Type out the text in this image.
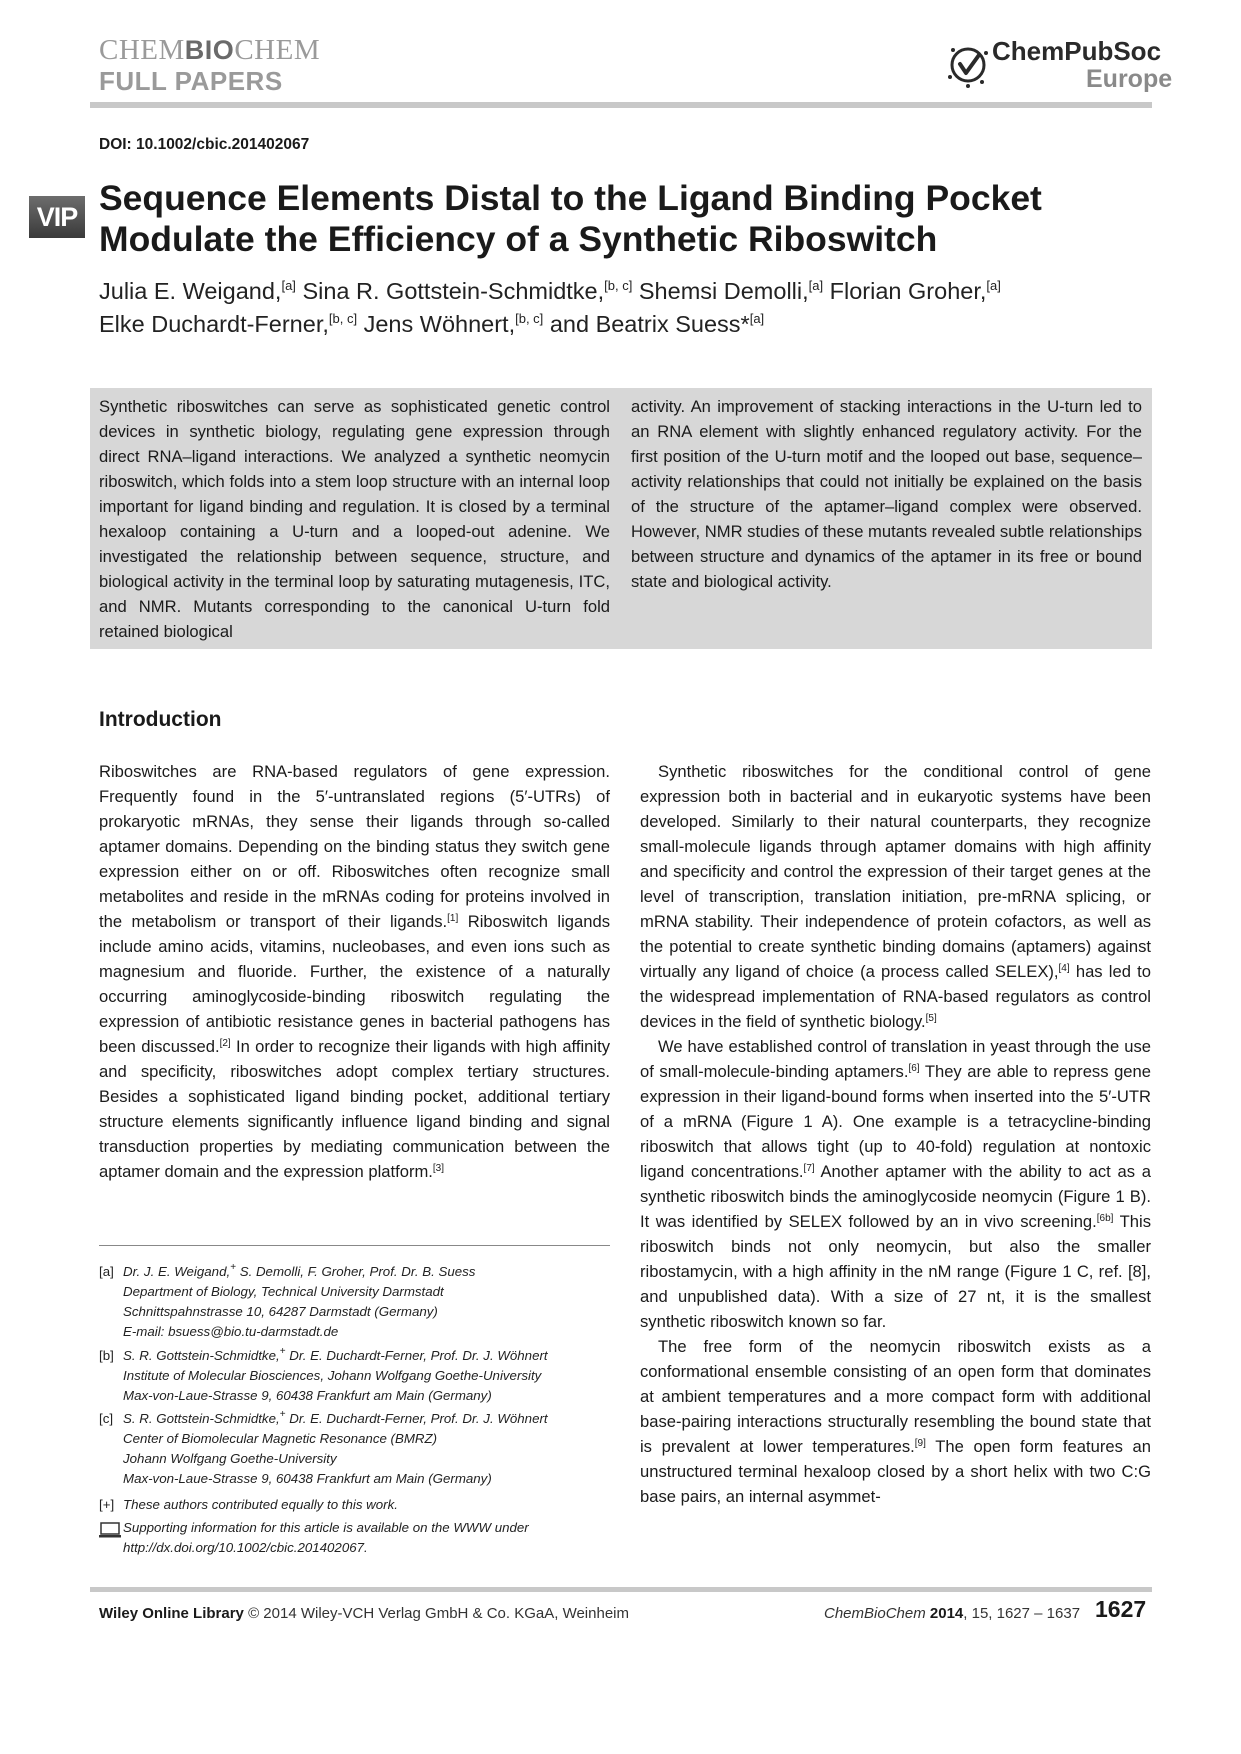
CHEMBIOCHEM
FULL PAPERS
ChemPubSoc
Europe
DOI: 10.1002/cbic.201402067
VIP Sequence Elements Distal to the Ligand Binding Pocket
Modulate the Efficiency of a Synthetic Riboswitch
Julia E. Weigand,[a] Sina R. Gottstein-Schmidtke,[b, c] Shemsi Demolli,[a] Florian Groher,[a]
Elke Duchardt-Ferner,[b, c] Jens Wöhnert,[b, c] and Beatrix Suess*[a]
Synthetic riboswitches can serve as sophisticated genetic control devices in synthetic biology, regulating gene expression through direct RNA–ligand interactions. We analyzed a synthetic neomycin riboswitch, which folds into a stem loop structure with an internal loop important for ligand binding and regulation. It is closed by a terminal hexaloop containing a U-turn and a looped-out adenine. We investigated the relationship between sequence, structure, and biological activity in the terminal loop by saturating mutagenesis, ITC, and NMR. Mutants corresponding to the canonical U-turn fold retained biological
activity. An improvement of stacking interactions in the U-turn led to an RNA element with slightly enhanced regulatory activity. For the first position of the U-turn motif and the looped out base, sequence–activity relationships that could not initially be explained on the basis of the structure of the aptamer–ligand complex were observed. However, NMR studies of these mutants revealed subtle relationships between structure and dynamics of the aptamer in its free or bound state and biological activity.
Introduction

Riboswitches are RNA-based regulators of gene expression. Frequently found in the 5′-untranslated regions (5′-UTRs) of prokaryotic mRNAs, they sense their ligands through so-called aptamer domains. Depending on the binding status they switch gene expression either on or off. Riboswitches often recognize small metabolites and reside in the mRNAs coding for proteins involved in the metabolism or transport of their ligands.[1] Riboswitch ligands include amino acids, vitamins, nucleobases, and even ions such as magnesium and fluoride. Further, the existence of a naturally occurring aminoglycoside-binding riboswitch regulating the expression of antibiotic resistance genes in bacterial pathogens has been discussed.[2] In order to recognize their ligands with high affinity and specificity, riboswitches adopt complex tertiary structures. Besides a sophisticated ligand binding pocket, additional tertiary structure elements significantly influence ligand binding and signal transduction properties by mediating communication between the aptamer domain and the expression platform.[3]

Synthetic riboswitches for the conditional control of gene expression both in bacterial and in eukaryotic systems have been developed. Similarly to their natural counterparts, they recognize small-molecule ligands through aptamer domains with high affinity and specificity and control the expression of their target genes at the level of transcription, translation initiation, pre-mRNA splicing, or mRNA stability. Their independence of protein cofactors, as well as the potential to create synthetic binding domains (aptamers) against virtually any ligand of choice (a process called SELEX),[4] has led to the widespread implementation of RNA-based regulators as control devices in the field of synthetic biology.[5]

We have established control of translation in yeast through the use of small-molecule-binding aptamers.[6] They are able to repress gene expression in their ligand-bound forms when inserted into the 5′-UTR of a mRNA (Figure 1 A). One example is a tetracycline-binding riboswitch that allows tight (up to 40-fold) regulation at nontoxic ligand concentrations.[7] Another aptamer with the ability to act as a synthetic riboswitch binds the aminoglycoside neomycin (Figure 1 B). It was identified by SELEX followed by an in vivo screening.[6b] This riboswitch binds not only neomycin, but also the smaller ribostamycin, with a high affinity in the nM range (Figure 1 C, ref. [8], and unpublished data). With a size of 27 nt, it is the smallest synthetic riboswitch known so far.

The free form of the neomycin riboswitch exists as a conformational ensemble consisting of an open form that dominates at ambient temperatures and a more compact form with additional base-pairing interactions structurally resembling the bound state that is prevalent at lower temperatures.[9] The open form features an unstructured terminal hexaloop closed by a short helix with two C:G base pairs, an internal asymmet-

[a] Dr. J. E. Weigand,+ S. Demolli, F. Groher, Prof. Dr. B. Suess
Department of Biology, Technical University Darmstadt
Schnittspahnstrasse 10, 64287 Darmstadt (Germany)
E-mail: bsuess@bio.tu-darmstadt.de
[b] S. R. Gottstein-Schmidtke,+ Dr. E. Duchardt-Ferner, Prof. Dr. J. Wöhnert
Institute of Molecular Biosciences, Johann Wolfgang Goethe-University
Max-von-Laue-Strasse 9, 60438 Frankfurt am Main (Germany)
[c] S. R. Gottstein-Schmidtke,+ Dr. E. Duchardt-Ferner, Prof. Dr. J. Wöhnert
Center of Biomolecular Magnetic Resonance (BMRZ)
Johann Wolfgang Goethe-University
Max-von-Laue-Strasse 9, 60438 Frankfurt am Main (Germany)
[+] These authors contributed equally to this work.
Supporting information for this article is available on the WWW under
http://dx.doi.org/10.1002/cbic.201402067.
Wiley Online Library © 2014 Wiley-VCH Verlag GmbH & Co. KGaA, Weinheim	ChemBioChem 2014, 15, 1627 – 1637 1627
